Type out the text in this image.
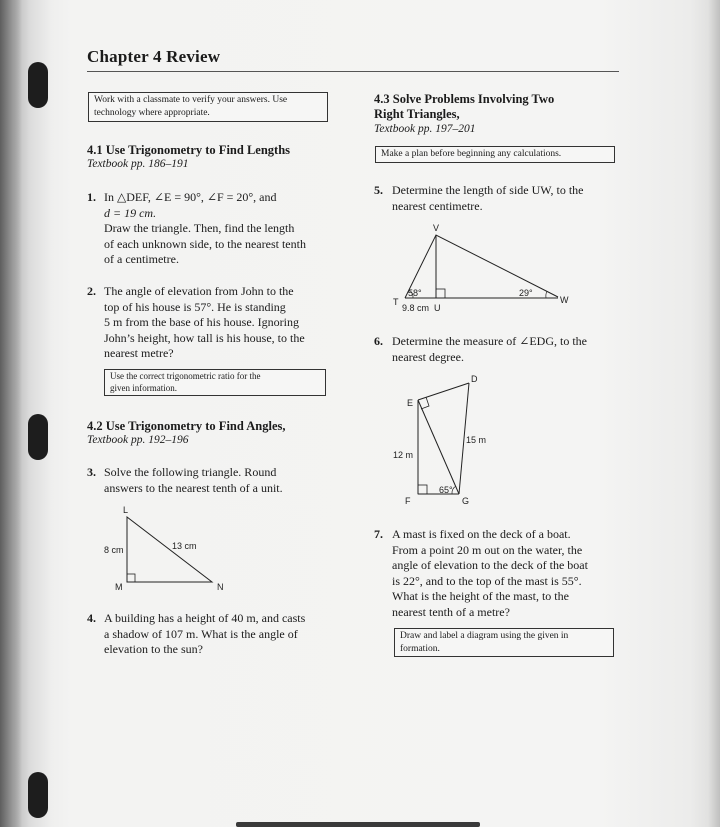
Chapter 4 Review
Work with a classmate to verify your answers. Use technology where appropriate.
4.1 Use Trigonometry to Find Lengths
Textbook pp. 186–191
1. In △DEF, ∠E = 90°, ∠F = 20°, and
d = 19 cm.
Draw the triangle. Then, find the length
of each unknown side, to the nearest tenth
of a centimetre.
2. The angle of elevation from John to the
top of his house is 57°. He is standing
5 m from the base of his house. Ignoring
John’s height, how tall is his house, to the
nearest metre?
Use the correct trigonometric ratio for the
given information.
4.2 Use Trigonometry to Find Angles,
Textbook pp. 192–196
3. Solve the following triangle. Round
answers to the nearest tenth of a unit.
L
M	N
8 cm	13 cm
4. A building has a height of 40 m, and casts
a shadow of 107 m. What is the angle of
elevation to the sun?
4.3 Solve Problems Involving Two
Right Triangles,
Textbook pp. 197–201
Make a plan before beginning any calculations.
5. Determine the length of side UW, to the
nearest centimetre.
V
T
U
W
58°	29°
9.8 cm
6. Determine the measure of ∠EDG, to the
nearest degree.
D
E
F	G
12 m
15 m
65°
7. A mast is fixed on the deck of a boat.
From a point 20 m out on the water, the
angle of elevation to the deck of the boat
is 22°, and to the top of the mast is 55°.
What is the height of the mast, to the
nearest tenth of a metre?
Draw and label a diagram using the given in
formation.
